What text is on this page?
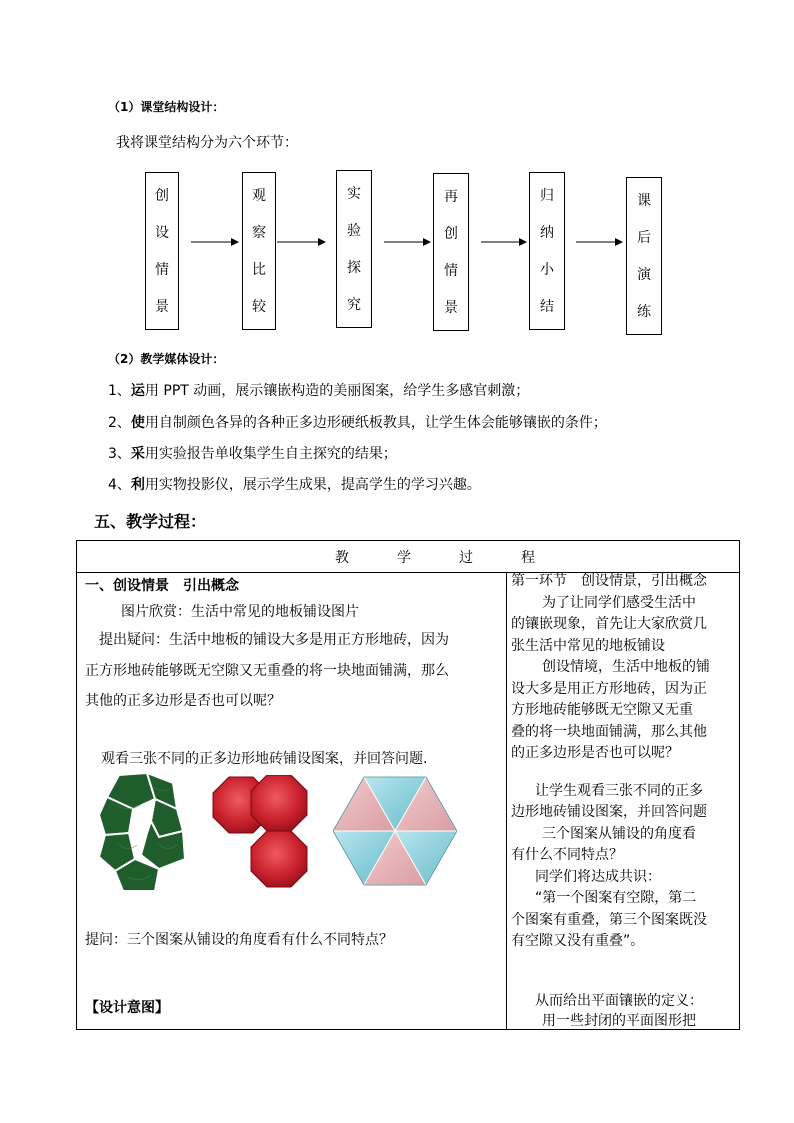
（1）课堂结构设计：
我将课堂结构分为六个环节：
创
设
情
景
观
察
比
较
实
验
探
究
再
创
情
景
归
纳
小
结
课
后
演
练
（2）教学媒体设计：
1、运用 PPT 动画，展示镶嵌构造的美丽图案，给学生多感官刺激；
2、使用自制颜色各异的各种正多边形硬纸板教具，让学生体会能够镶嵌的条件；
3、采用实验报告单收集学生自主探究的结果；
4、利用实物投影仪，展示学生成果，提高学生的学习兴趣。
五、教学过程：
教	学	过	程
一、创设情景　引出概念
图片欣赏：生活中常见的地板铺设图片
提出疑问：生活中地板的铺设大多是用正方形地砖，因为
正方形地砖能够既无空隙又无重叠的将一块地面铺满，那么
其他的正多边形是否也可以呢？
观看三张不同的正多边形地砖铺设图案，并回答问题.
提问：三个图案从铺设的角度看有什么不同特点？
【设计意图】
第一环节　创设情景，引出概念
为了让同学们感受生活中
的镶嵌现象，首先让大家欣赏几
张生活中常见的地板铺设
创设情境，生活中地板的铺
设大多是用正方形地砖，因为正
方形地砖能够既无空隙又无重
叠的将一块地面铺满，那么其他
的正多边形是否也可以呢？
让学生观看三张不同的正多
边形地砖铺设图案，并回答问题
三个图案从铺设的角度看
有什么不同特点？
同学们将达成共识：
“第一个图案有空隙，第二
个图案有重叠，第三个图案既没
有空隙又没有重叠”。
从而给出平面镶嵌的定义：
用一些封闭的平面图形把
